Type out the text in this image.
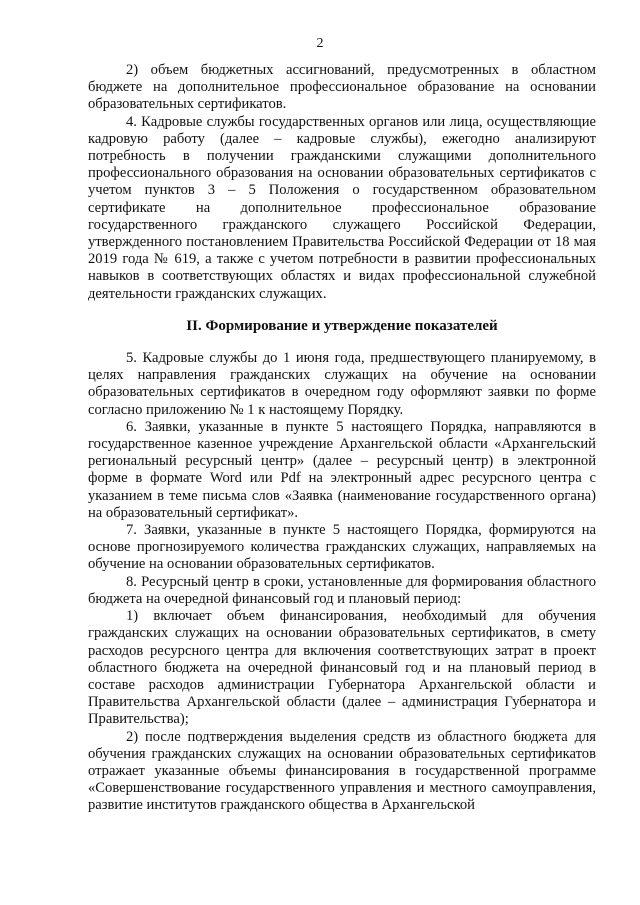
2

2) объем бюджетных ассигнований, предусмотренных в областном бюджете на дополнительное профессиональное образование на основании образовательных сертификатов.

4. Кадровые службы государственных органов или лица, осуществляющие кадровую работу (далее – кадровые службы), ежегодно анализируют потребность в получении гражданскими служащими дополнительного профессионального образования на основании образовательных сертификатов с учетом пунктов 3 – 5 Положения о государственном образовательном сертификате на дополнительное профессиональное образование государственного гражданского служащего Российской Федерации, утвержденного постановлением Правительства Российской Федерации от 18 мая 2019 года № 619, а также с учетом потребности в развитии профессиональных навыков в соответствующих областях и видах профессиональной служебной деятельности гражданских служащих.

II. Формирование и утверждение показателей

5. Кадровые службы до 1 июня года, предшествующего планируемому, в целях направления гражданских служащих на обучение на основании образовательных сертификатов в очередном году оформляют заявки по форме согласно приложению № 1 к настоящему Порядку.

6. Заявки, указанные в пункте 5 настоящего Порядка, направляются в государственное казенное учреждение Архангельской области «Архангельский региональный ресурсный центр» (далее – ресурсный центр) в электронной форме в формате Word или Pdf на электронный адрес ресурсного центра с указанием в теме письма слов «Заявка (наименование государственного органа) на образовательный сертификат».

7. Заявки, указанные в пункте 5 настоящего Порядка, формируются на основе прогнозируемого количества гражданских служащих, направляемых на обучение на основании образовательных сертификатов.

8. Ресурсный центр в сроки, установленные для формирования областного бюджета на очередной финансовый год и плановый период:

1) включает объем финансирования, необходимый для обучения гражданских служащих на основании образовательных сертификатов, в смету расходов ресурсного центра для включения соответствующих затрат в проект областного бюджета на очередной финансовый год и на плановый период в составе расходов администрации Губернатора Архангельской области и Правительства Архангельской области (далее – администрация Губернатора и Правительства);

2) после подтверждения выделения средств из областного бюджета для обучения гражданских служащих на основании образовательных сертификатов отражает указанные объемы финансирования в государственной программе «Совершенствование государственного управления и местного самоуправления, развитие институтов гражданского общества в Архангельской
